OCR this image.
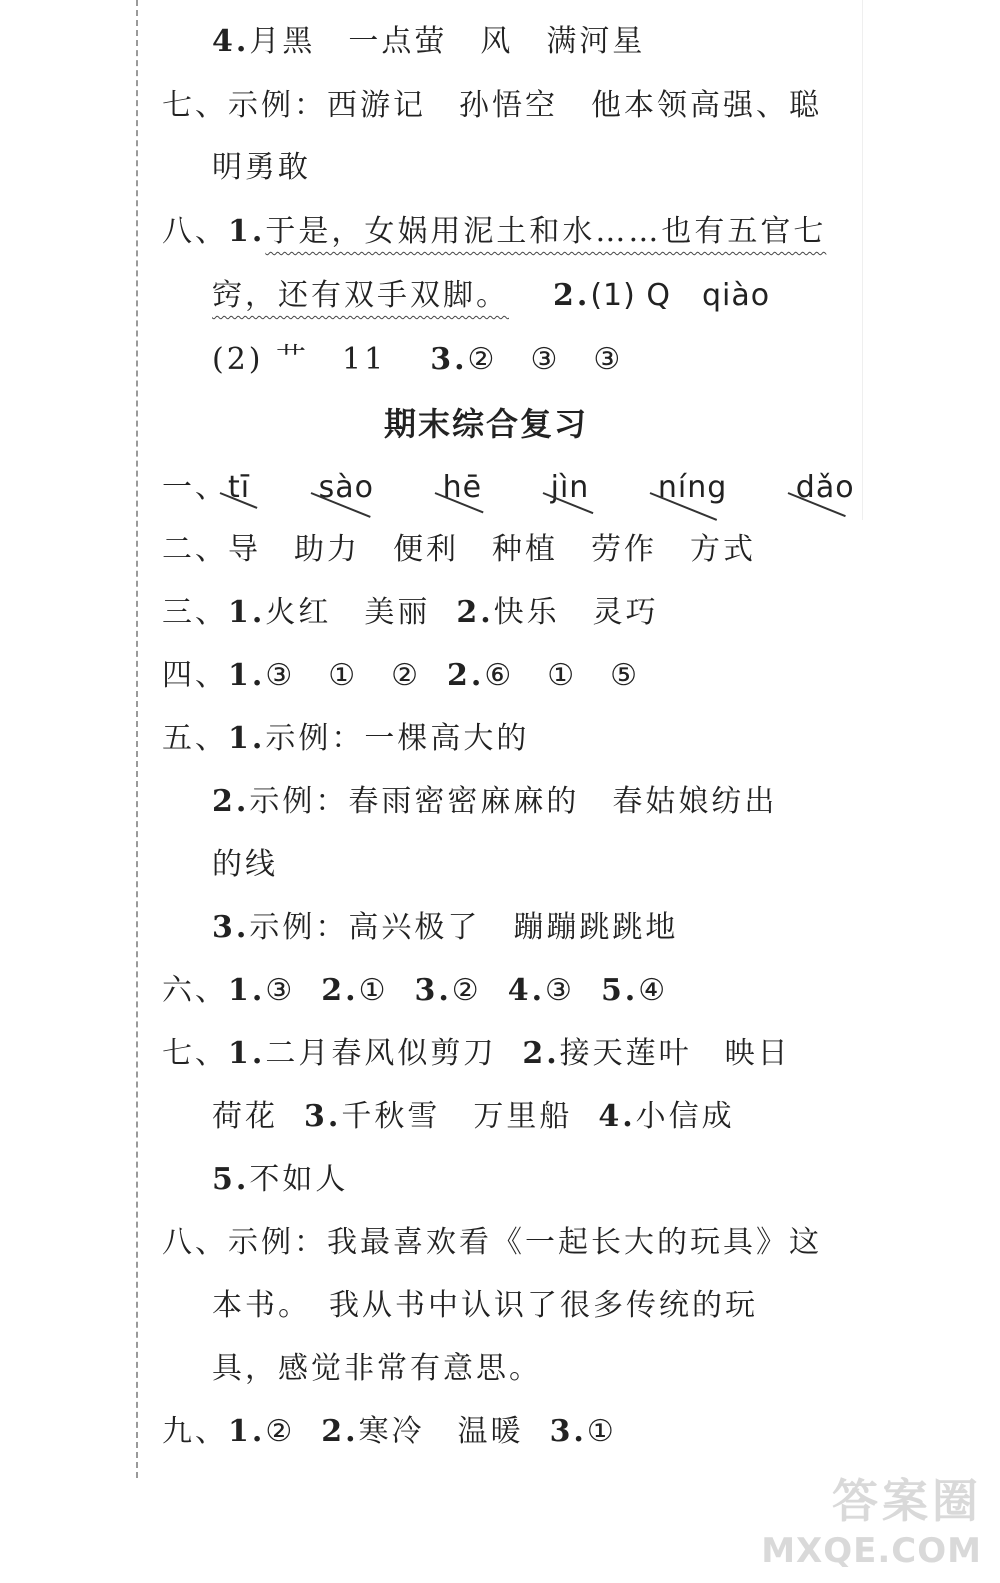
4.月黑　一点萤　风　满河星
七、示例：西游记　孙悟空　他本领高强、聪
明勇敢
八、1.于是，女娲用泥土和水……也有五官七
窍，还有双手双脚。 2.(1) Q　qiào
(2) 艹　11 3.②　③　③
期末综合复习
一、tī sào hē jìn níng dǎo
二、导　助力　便利　种植　劳作　方式
三、1.火红　美丽 2.快乐　灵巧
四、1.③　①　② 2.⑥　①　⑤
五、1.示例：一棵高大的
2.示例：春雨密密麻麻的　春姑娘纺出
的线
3.示例：高兴极了　蹦蹦跳跳地
六、1.③ 2.① 3.② 4.③ 5.④
七、1.二月春风似剪刀 2.接天莲叶　映日
荷花 3.千秋雪　万里船 4.小信成
5.不如人
八、示例：我最喜欢看《一起长大的玩具》这
本书。　我从书中认识了很多传统的玩
具，感觉非常有意思。
九、1.② 2.寒冷　温暖 3.①
答案圈
MXQE.COM
